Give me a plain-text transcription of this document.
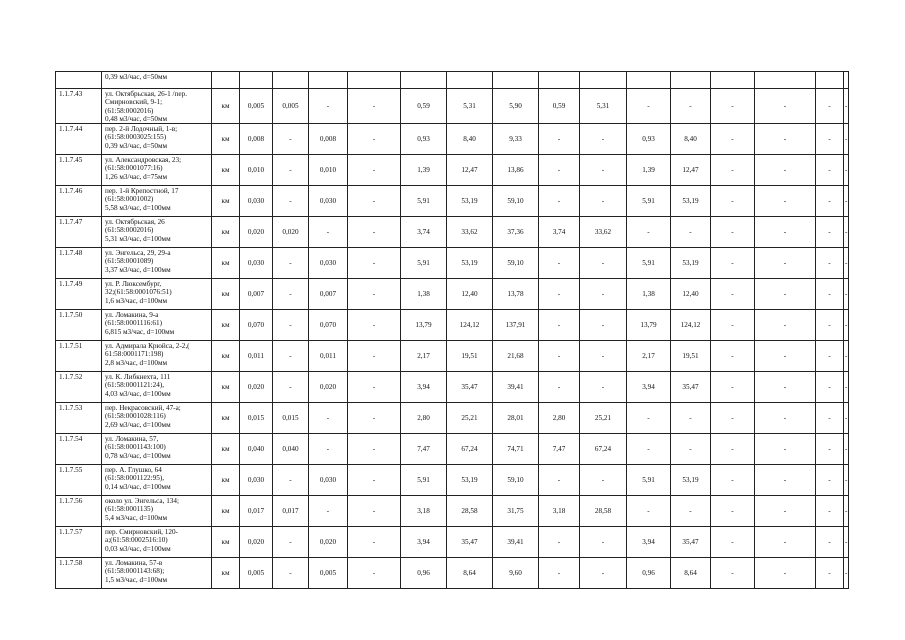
	0,39 м3/час, d=50мм																

1.1.7.43	ул. Октябрьская, 26-1 /пер.
Смирновский, 9-1;
(61:58:0002016)
0,48 м3/час, d=50мм	км	0,005	0,005	-	-	0,59	5,31	5,90	0,59	5,31	-	-	-	-	-	-
1.1.7.44	пер. 2-й Лодочный, 1-в;
(61:58:0003025:155)
0,39 м3/час, d=50мм	км	0,008	-	0,008	-	0,93	8,40	9,33	-	-	0,93	8,40	-	-	-	-
1.1.7.45	ул. Александровская, 23;
(61:58:0001077:16)
1,26 м3/час, d=75мм	км	0,010	-	0,010	-	1,39	12,47	13,86	-	-	1,39	12,47	-	-	-	-
1.1.7.46	пер. 1-й Крепостной, 17
(61:58:0001002)
5,58 м3/час, d=100мм	км	0,030	-	0,030	-	5,91	53,19	59,10	-	-	5,91	53,19	-	-	-	-
1.1.7.47	ул. Октябрьская, 26
(61:58:0002016)
5,31 м3/час, d=100мм	км	0,020	0,020	-	-	3,74	33,62	37,36	3,74	33,62	-	-	-	-	-	-
1.1.7.48	ул. Энгельса, 29, 29-а
(61:58:0001089)
3,37 м3/час, d=100мм	км	0,030	-	0,030	-	5,91	53,19	59,10	-	-	5,91	53,19	-	-	-	-
1.1.7.49	ул. Р. Люксембург,
32;(61:58:0001076:51)
1,6 м3/час, d=100мм	км	0,007	-	0,007	-	1,38	12,40	13,78	-	-	1,38	12,40	-	-	-	-
1.1.7.50	ул. Ломакина, 9-а
(61:58:0001116:61)
6,815 м3/час, d=100мм	км	0,070	-	0,070	-	13,79	124,12	137,91	-	-	13,79	124,12	-	-	-	-
1.1.7.51	ул. Адмирала Крюйса, 2-2,(
61:58:0001171:198)
2,8 м3/час, d=100мм	км	0,011	-	0,011	-	2,17	19,51	21,68	-	-	2,17	19,51	-	-	-	-
1.1.7.52	ул. К. Либкнехта, 111
(61:58:0001121:24),
4,03 м3/час, d=100мм	км	0,020	-	0,020	-	3,94	35,47	39,41	-	-	3,94	35,47	-	-	-	-
1.1.7.53	пер. Некрасовский, 47-а;
(61:58:0001028:116)
2,69 м3/час, d=100мм	км	0,015	0,015	-	-	2,80	25,21	28,01	2,80	25,21	-	-	-	-	-	-
1.1.7.54	ул. Ломакина, 57,
(61:58:0001143:100)
0,78 м3/час, d=100мм	км	0,040	0,040	-	-	7,47	67,24	74,71	7,47	67,24	-	-	-	-	-	-
1.1.7.55	пер. А. Глушко, 64
(61:58:0001122:95),
0,14 м3/час, d=100мм	км	0,030	-	0,030	-	5,91	53,19	59,10	-	-	5,91	53,19	-	-	-	-
1.1.7.56	около ул. Энгельса, 134;
(61:58:0001135)
5,4 м3/час, d=100мм	км	0,017	0,017	-	-	3,18	28,58	31,75	3,18	28,58	-	-	-	-	-	-
1.1.7.57	пер. Смирновский, 120-
а;(61:58:0002516:10)
0,03 м3/час, d=100мм	км	0,020	-	0,020	-	3,94	35,47	39,41	-	-	3,94	35,47	-	-	-	-
1.1.7.58	ул. Ломакина, 57-в
(61:58:0001143:68);
1,5 м3/час, d=100мм	км	0,005	-	0,005	-	0,96	8,64	9,60	-	-	0,96	8,64	-	-	-	-
